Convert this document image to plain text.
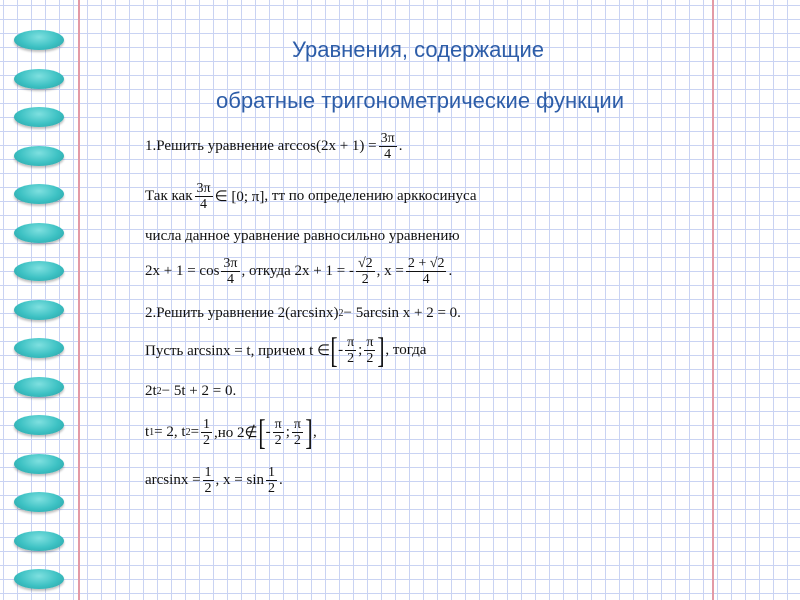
Уравнения, содержащие
обратные тригонометрические функции
1.Решить уравнение $\arccos(2x + 1) = \frac{3\pi}{4}$ .
Так как $\frac{3\pi}{4}$ ∈ [0; π] , тт по определению арккосинуса
числа данное уравнение равносильно уравнению
$2x + 1 = \cos \frac{3\pi}{4}$ , откуда 2x + 1 = - $\frac{√2}{2}$ , $x = \frac{2 + √2}{4}$ .
2.Решить уравнение 2(arcsinx) 2 − 5arcsin x + 2 = 0.
Пусть arcsinx = t, причем t ∈ [ - $\frac{\pi}{2}$ ; $\frac{\pi}{2}$ ] , тогда
2t 2 − 5t + 2 = 0.
t 1 = 2, t $2 = \frac{1}{2} ,но$ 2∉ [ - $\frac{\pi}{2}$ ; $\frac{\pi}{2}$ ] ,
$\arcsin x = \frac{1}{2}$ , $x = \sin \frac{1}{2}$ .
